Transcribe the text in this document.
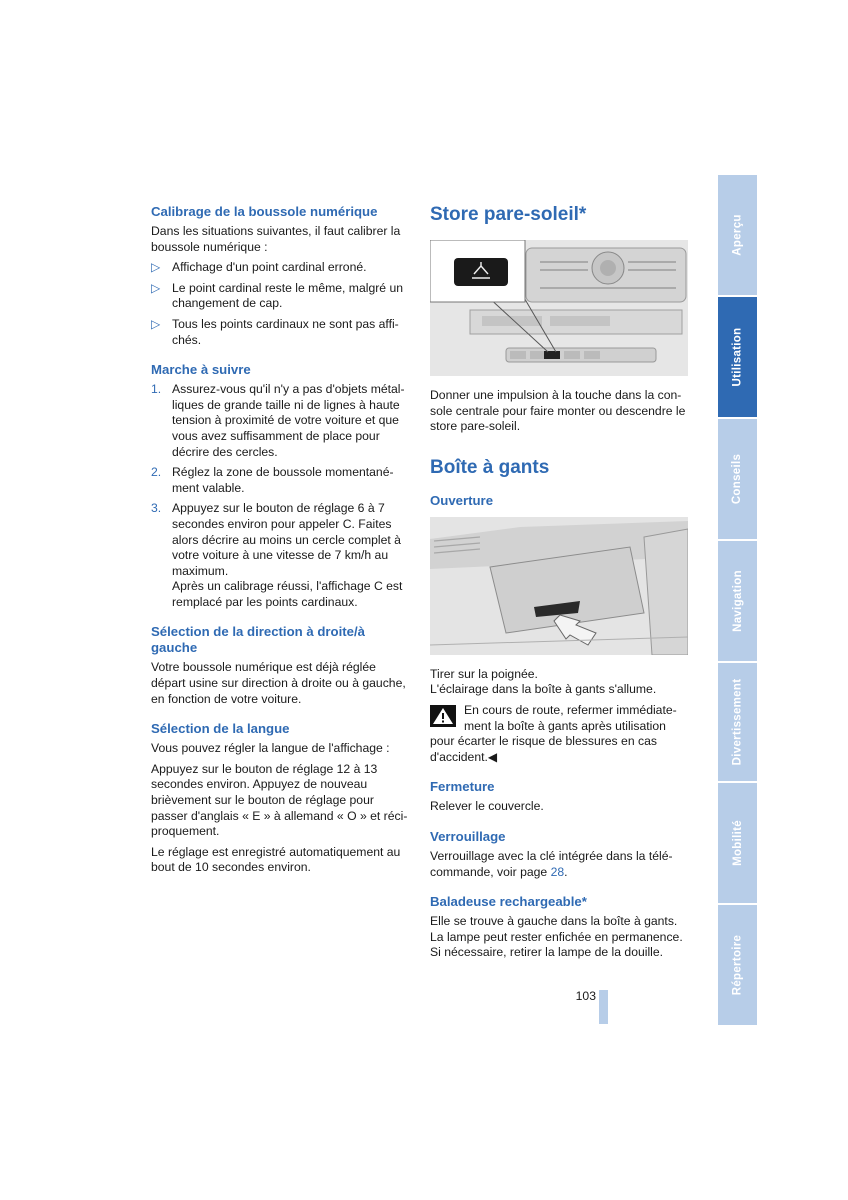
Calibrage de la boussole numérique

Dans les situations suivantes, il faut calibrer la boussole numérique :

▷ Affichage d'un point cardinal erroné.
▷ Le point cardinal reste le même, malgré un changement de cap.
▷ Tous les points cardinaux ne sont pas affichés.
Marche à suivre
1. Assurez-vous qu'il n'y a pas d'objets métalliques de grande taille ni de lignes à haute tension à proximité de votre voiture et que vous avez suffisamment de place pour décrire des cercles.
2. Réglez la zone de boussole momentanément valable.
3. Appuyez sur le bouton de réglage 6 à 7 secondes environ pour appeler C. Faites alors décrire au moins un cercle complet à votre voiture à une vitesse de 7 km/h au maximum.
Après un calibrage réussi, l'affichage C est remplacé par les points cardinaux.
Sélection de la direction à droite/à gauche

Votre boussole numérique est déjà réglée départ usine sur direction à droite ou à gauche, en fonction de votre voiture.

Sélection de la langue

Vous pouvez régler la langue de l'affichage :

Appuyez sur le bouton de réglage 12 à 13 secondes environ. Appuyez de nouveau brièvement sur le bouton de réglage pour passer d'anglais « E » à allemand « O » et réciproquement.

Le réglage est enregistré automatiquement au bout de 10 secondes environ.

Store pare-soleil*

Donner une impulsion à la touche dans la console centrale pour faire monter ou descendre le store pare-soleil.

Boîte à gants
Ouverture

Tirer sur la poignée.

L'éclairage dans la boîte à gants s'allume.

En cours de route, refermer immédiatement la boîte à gants après utilisation pour écarter le risque de blessures en cas d'accident.◀
Fermeture

Relever le couvercle.

Verrouillage

Verrouillage avec la clé intégrée dans la télécommande, voir page 28.

Baladeuse rechargeable*

Elle se trouve à gauche dans la boîte à gants. La lampe peut rester enfichée en permanence. Si nécessaire, retirer la lampe de la douille.

103
Aperçu
Utilisation
Conseils
Navigation
Divertissement
Mobilité
Répertoire
